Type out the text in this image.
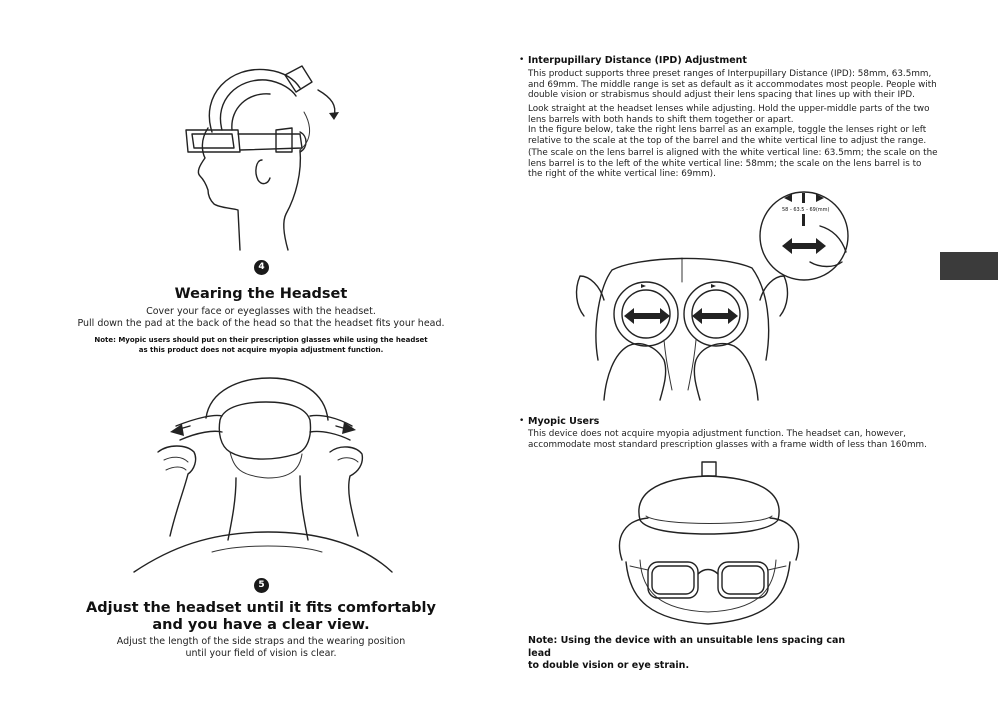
4
Wearing the Headset
Cover your face or eyeglasses with the headset.
Pull down the pad at the back of the head so that the headset fits your head.
Note: Myopic users should put on their prescription glasses while using the headset
as this product does not acquire myopia adjustment function.
5
Adjust the headset until it fits comfortably
and you have a clear view.
Adjust the length of the side straps and the wearing position
until your field of vision is clear.
• Interpupillary Distance (IPD) Adjustment
This product supports three preset ranges of Interpupillary Distance (IPD): 58mm, 63.5mm, and 69mm. The middle range is set as default as it accommodates most people. People with double vision or strabismus should adjust their lens spacing that lines up with their IPD.
Look straight at the headset lenses while adjusting. Hold the upper-middle parts of the two lens barrels with both hands to shift them together or apart.
In the figure below, take the right lens barrel as an example, toggle the lenses right or left relative to the scale at the top of the barrel and the white vertical line to adjust the range.
(The scale on the lens barrel is aligned with the white vertical line: 63.5mm; the scale on the lens barrel is to the left of the white vertical line: 58mm; the scale on the lens barrel is to the right of the white vertical line: 69mm).
58 - 63.5 - 69(mm)
• Myopic Users
This device does not acquire myopia adjustment function. The headset can, however, accommodate most standard prescription glasses with a frame width of less than 160mm.
Note: Using the device with an unsuitable lens spacing can lead
to double vision or eye strain.
